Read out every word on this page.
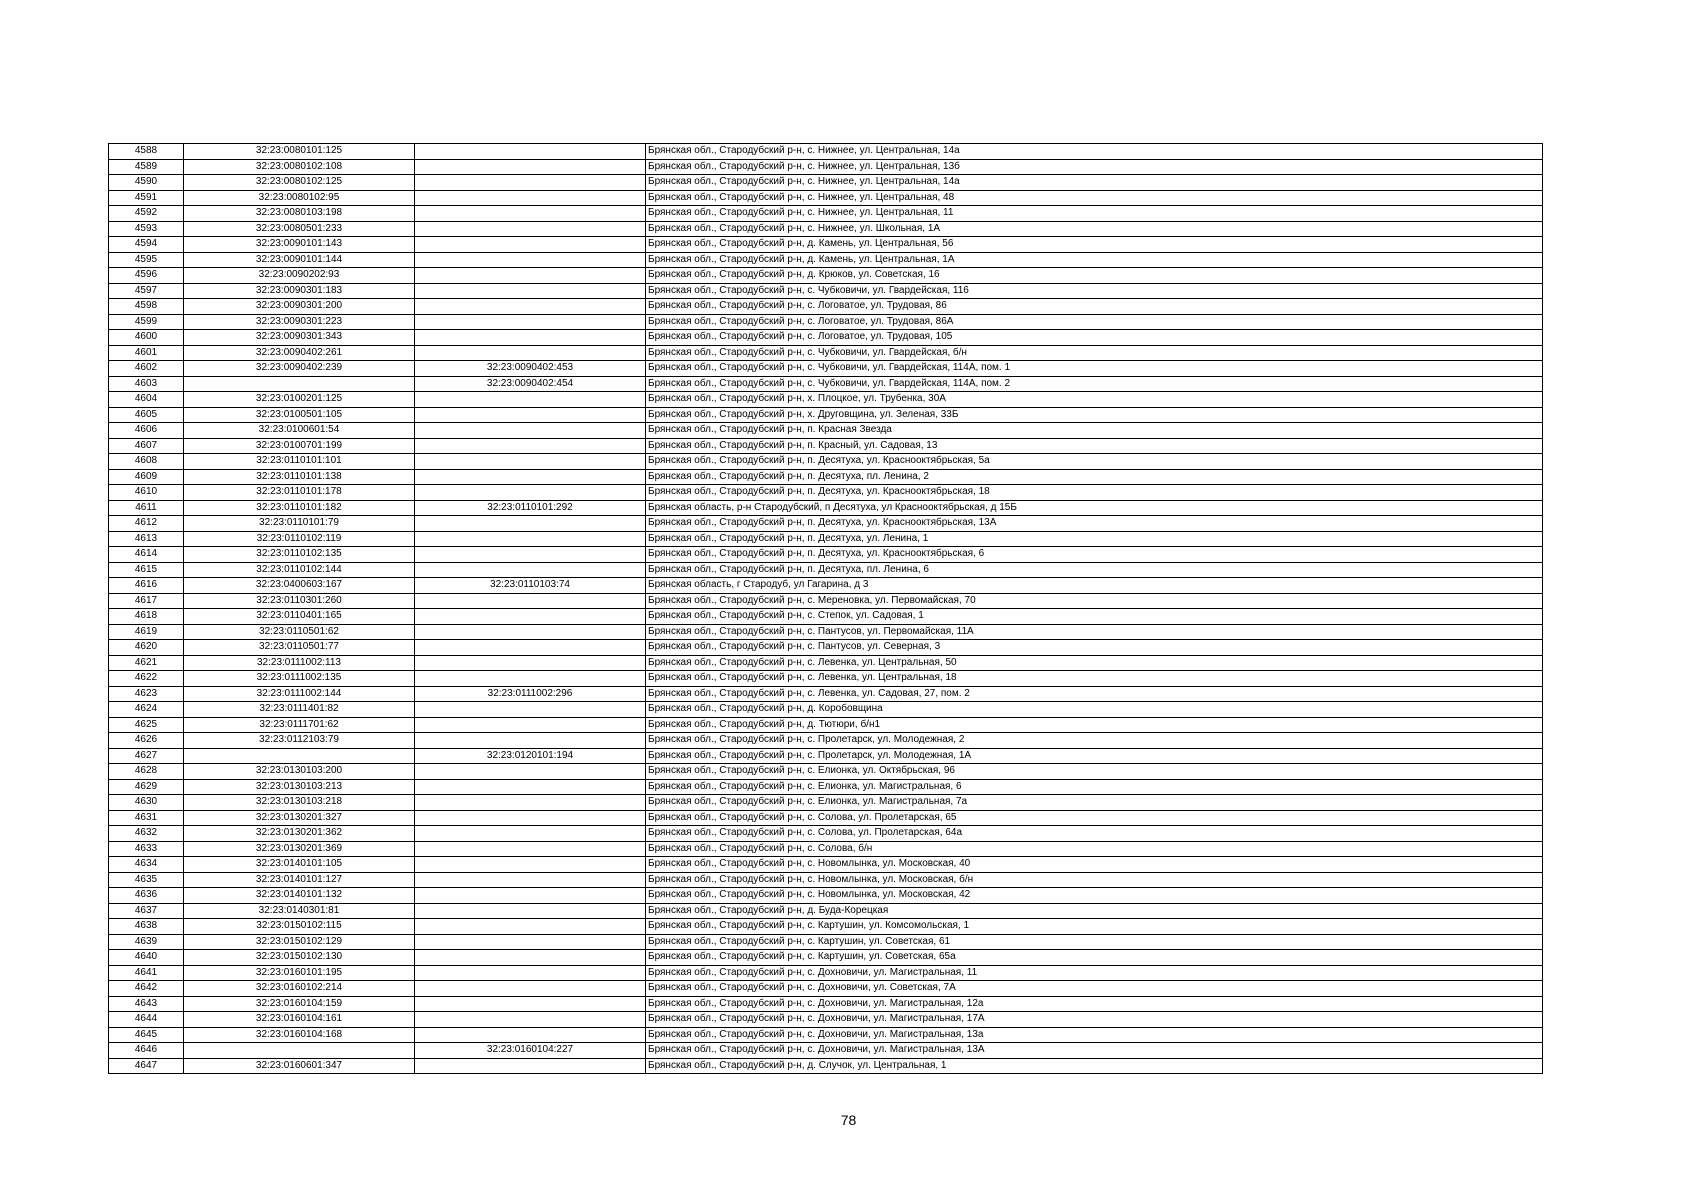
4588	32:23:0080101:125		Брянская обл., Стародубский р-н, с. Нижнее, ул. Центральная, 14а
4589	32:23:0080102:108		Брянская обл., Стародубский р-н, с. Нижнее, ул. Центральная, 13б
4590	32:23:0080102:125		Брянская обл., Стародубский р-н, с. Нижнее, ул. Центральная, 14а
4591	32:23:0080102:95		Брянская обл., Стародубский р-н, с. Нижнее, ул. Центральная, 48
4592	32:23:0080103:198		Брянская обл., Стародубский р-н, с. Нижнее, ул. Центральная, 11
4593	32:23:0080501:233		Брянская обл., Стародубский р-н, с. Нижнее, ул. Школьная, 1А
4594	32:23:0090101:143		Брянская обл., Стародубский р-н, д. Камень, ул. Центральная, 56
4595	32:23:0090101:144		Брянская обл., Стародубский р-н, д. Камень, ул. Центральная, 1А
4596	32:23:0090202:93		Брянская обл., Стародубский р-н, д. Крюков, ул. Советская, 16
4597	32:23:0090301:183		Брянская обл., Стародубский р-н, с. Чубковичи, ул. Гвардейская, 116
4598	32:23:0090301:200		Брянская обл., Стародубский р-н, с. Логоватое, ул. Трудовая, 86
4599	32:23:0090301:223		Брянская обл., Стародубский р-н, с. Логоватое, ул. Трудовая, 86А
4600	32:23:0090301:343		Брянская обл., Стародубский р-н, с. Логоватое, ул. Трудовая, 105
4601	32:23:0090402:261		Брянская обл., Стародубский р-н, с. Чубковичи, ул. Гвардейская, б/н
4602	32:23:0090402:239	32:23:0090402:453	Брянская обл., Стародубский р-н, с. Чубковичи, ул. Гвардейская, 114А, пом. 1
4603		32:23:0090402:454	Брянская обл., Стародубский р-н, с. Чубковичи, ул. Гвардейская, 114А, пом. 2
4604	32:23:0100201:125		Брянская обл., Стародубский р-н, х. Плоцкое, ул. Трубенка, 30А
4605	32:23:0100501:105		Брянская обл., Стародубский р-н, х. Друговщина, ул. Зеленая, 33Б
4606	32:23:0100601:54		Брянская обл., Стародубский р-н, п. Красная Звезда
4607	32:23:0100701:199		Брянская обл., Стародубский р-н, п. Красный, ул. Садовая, 13
4608	32:23:0110101:101		Брянская обл., Стародубский р-н, п. Десятуха, ул. Краснооктябрьская, 5а
4609	32:23:0110101:138		Брянская обл., Стародубский р-н, п. Десятуха, пл. Ленина, 2
4610	32:23:0110101:178		Брянская обл., Стародубский р-н, п. Десятуха, ул. Краснооктябрьская, 18
4611	32:23:0110101:182	32:23:0110101:292	Брянская область, р-н Стародубский, п Десятуха, ул Краснооктябрьская, д 15Б
4612	32:23:0110101:79		Брянская обл., Стародубский р-н, п. Десятуха, ул. Краснооктябрьская, 13А
4613	32:23:0110102:119		Брянская обл., Стародубский р-н, п. Десятуха, ул. Ленина, 1
4614	32:23:0110102:135		Брянская обл., Стародубский р-н, п. Десятуха, ул. Краснооктябрьская, 6
4615	32:23:0110102:144		Брянская обл., Стародубский р-н, п. Десятуха, пл. Ленина, 6
4616	32:23:0400603:167	32:23:0110103:74	Брянская область, г Стародуб, ул Гагарина, д 3
4617	32:23:0110301:260		Брянская обл., Стародубский р-н, с. Мереновка, ул. Первомайская, 70
4618	32:23:0110401:165		Брянская обл., Стародубский р-н, с. Степок, ул. Садовая, 1
4619	32:23:0110501:62		Брянская обл., Стародубский р-н, с. Пантусов, ул. Первомайская, 11А
4620	32:23:0110501:77		Брянская обл., Стародубский р-н, с. Пантусов, ул. Северная, 3
4621	32:23:0111002:113		Брянская обл., Стародубский р-н, с. Левенка, ул. Центральная, 50
4622	32:23:0111002:135		Брянская обл., Стародубский р-н, с. Левенка, ул. Центральная, 18
4623	32:23:0111002:144	32:23:0111002:296	Брянская обл., Стародубский р-н, с. Левенка, ул. Садовая, 27, пом. 2
4624	32:23:0111401:82		Брянская обл., Стародубский р-н, д. Коробовщина
4625	32:23:0111701:62		Брянская обл., Стародубский р-н, д. Тютюри, б/н1
4626	32:23:0112103:79		Брянская обл., Стародубский р-н, с. Пролетарск, ул. Молодежная, 2
4627		32:23:0120101:194	Брянская обл., Стародубский р-н, с. Пролетарск, ул. Молодежная, 1А
4628	32:23:0130103:200		Брянская обл., Стародубский р-н, с. Елионка, ул. Октябрьская, 96
4629	32:23:0130103:213		Брянская обл., Стародубский р-н, с. Елионка, ул. Магистральная, 6
4630	32:23:0130103:218		Брянская обл., Стародубский р-н, с. Елионка, ул. Магистральная, 7а
4631	32:23:0130201:327		Брянская обл., Стародубский р-н, с. Солова, ул. Пролетарская, 65
4632	32:23:0130201:362		Брянская обл., Стародубский р-н, с. Солова, ул. Пролетарская, 64а
4633	32:23:0130201:369		Брянская обл., Стародубский р-н, с. Солова, б/н
4634	32:23:0140101:105		Брянская обл., Стародубский р-н, с. Новомлынка, ул. Московская, 40
4635	32:23:0140101:127		Брянская обл., Стародубский р-н, с. Новомлынка, ул. Московская, б/н
4636	32:23:0140101:132		Брянская обл., Стародубский р-н, с. Новомлынка, ул. Московская, 42
4637	32:23:0140301:81		Брянская обл., Стародубский р-н, д. Буда-Корецкая
4638	32:23:0150102:115		Брянская обл., Стародубский р-н, с. Картушин, ул. Комсомольская, 1
4639	32:23:0150102:129		Брянская обл., Стародубский р-н, с. Картушин, ул. Советская, 61
4640	32:23:0150102:130		Брянская обл., Стародубский р-н, с. Картушин, ул. Советская, 65а
4641	32:23:0160101:195		Брянская обл., Стародубский р-н, с. Дохновичи, ул. Магистральная, 11
4642	32:23:0160102:214		Брянская обл., Стародубский р-н, с. Дохновичи, ул. Советская, 7А
4643	32:23:0160104:159		Брянская обл., Стародубский р-н, с. Дохновичи, ул. Магистральная, 12а
4644	32:23:0160104:161		Брянская обл., Стародубский р-н, с. Дохновичи, ул. Магистральная, 17А
4645	32:23:0160104:168		Брянская обл., Стародубский р-н, с. Дохновичи, ул. Магистральная, 13а
4646		32:23:0160104:227	Брянская обл., Стародубский р-н, с. Дохновичи, ул. Магистральная, 13А
4647	32:23:0160601:347		Брянская обл., Стародубский р-н, д. Случок, ул. Центральная, 1
78
